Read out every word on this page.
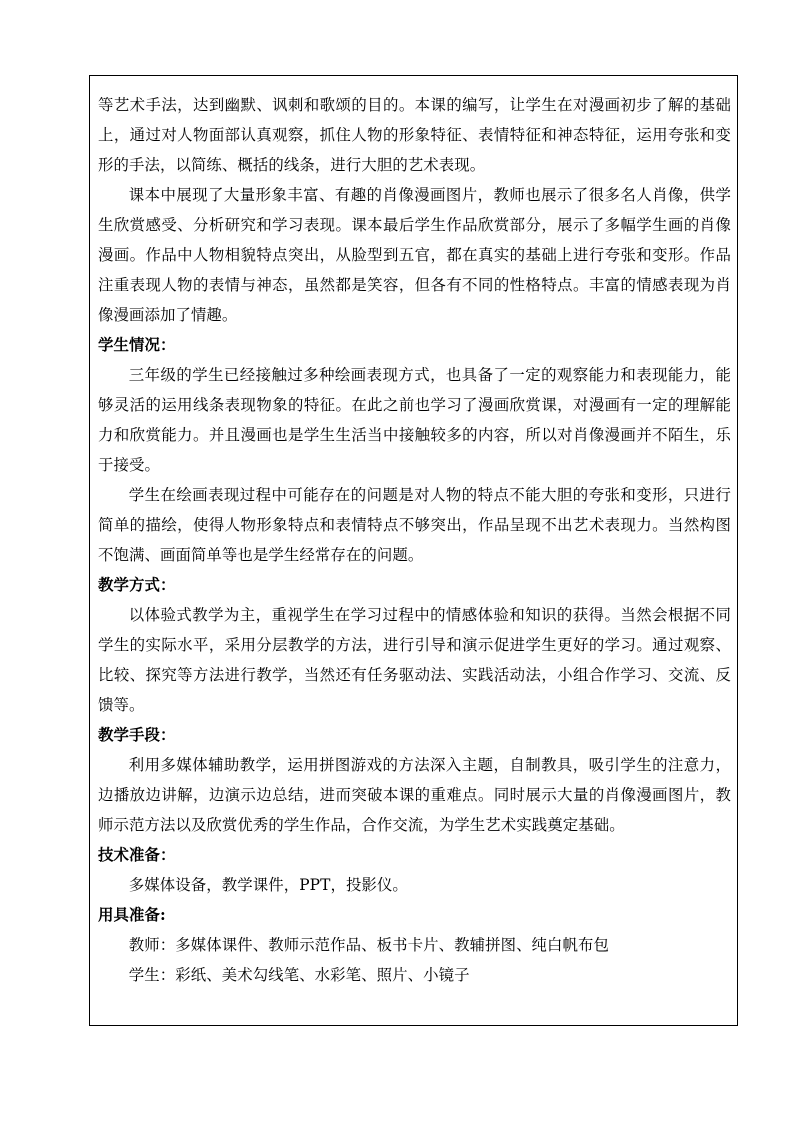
等艺术手法，达到幽默、讽刺和歌颂的目的。本课的编写，让学生在对漫画初步了解的基础上，通过对人物面部认真观察，抓住人物的形象特征、表情特征和神态特征，运用夸张和变形的手法，以简练、概括的线条，进行大胆的艺术表现。

课本中展现了大量形象丰富、有趣的肖像漫画图片，教师也展示了很多名人肖像，供学生欣赏感受、分析研究和学习表现。课本最后学生作品欣赏部分，展示了多幅学生画的肖像漫画。作品中人物相貌特点突出，从脸型到五官，都在真实的基础上进行夸张和变形。作品注重表现人物的表情与神态，虽然都是笑容，但各有不同的性格特点。丰富的情感表现为肖像漫画添加了情趣。

学生情况：

三年级的学生已经接触过多种绘画表现方式，也具备了一定的观察能力和表现能力，能够灵活的运用线条表现物象的特征。在此之前也学习了漫画欣赏课，对漫画有一定的理解能力和欣赏能力。并且漫画也是学生生活当中接触较多的内容，所以对肖像漫画并不陌生，乐于接受。

学生在绘画表现过程中可能存在的问题是对人物的特点不能大胆的夸张和变形，只进行简单的描绘，使得人物形象特点和表情特点不够突出，作品呈现不出艺术表现力。当然构图不饱满、画面简单等也是学生经常存在的问题。

教学方式：

以体验式教学为主，重视学生在学习过程中的情感体验和知识的获得。当然会根据不同学生的实际水平，采用分层教学的方法，进行引导和演示促进学生更好的学习。通过观察、比较、探究等方法进行教学，当然还有任务驱动法、实践活动法，小组合作学习、交流、反馈等。

教学手段：

利用多媒体辅助教学，运用拼图游戏的方法深入主题，自制教具，吸引学生的注意力，边播放边讲解，边演示边总结，进而突破本课的重难点。同时展示大量的肖像漫画图片，教师示范方法以及欣赏优秀的学生作品，合作交流，为学生艺术实践奠定基础。

技术准备：

多媒体设备，教学课件，PPT，投影仪。

用具准备:

教师：多媒体课件、教师示范作品、板书卡片、教辅拼图、纯白帆布包

学生：彩纸、美术勾线笔、水彩笔、照片、小镜子
